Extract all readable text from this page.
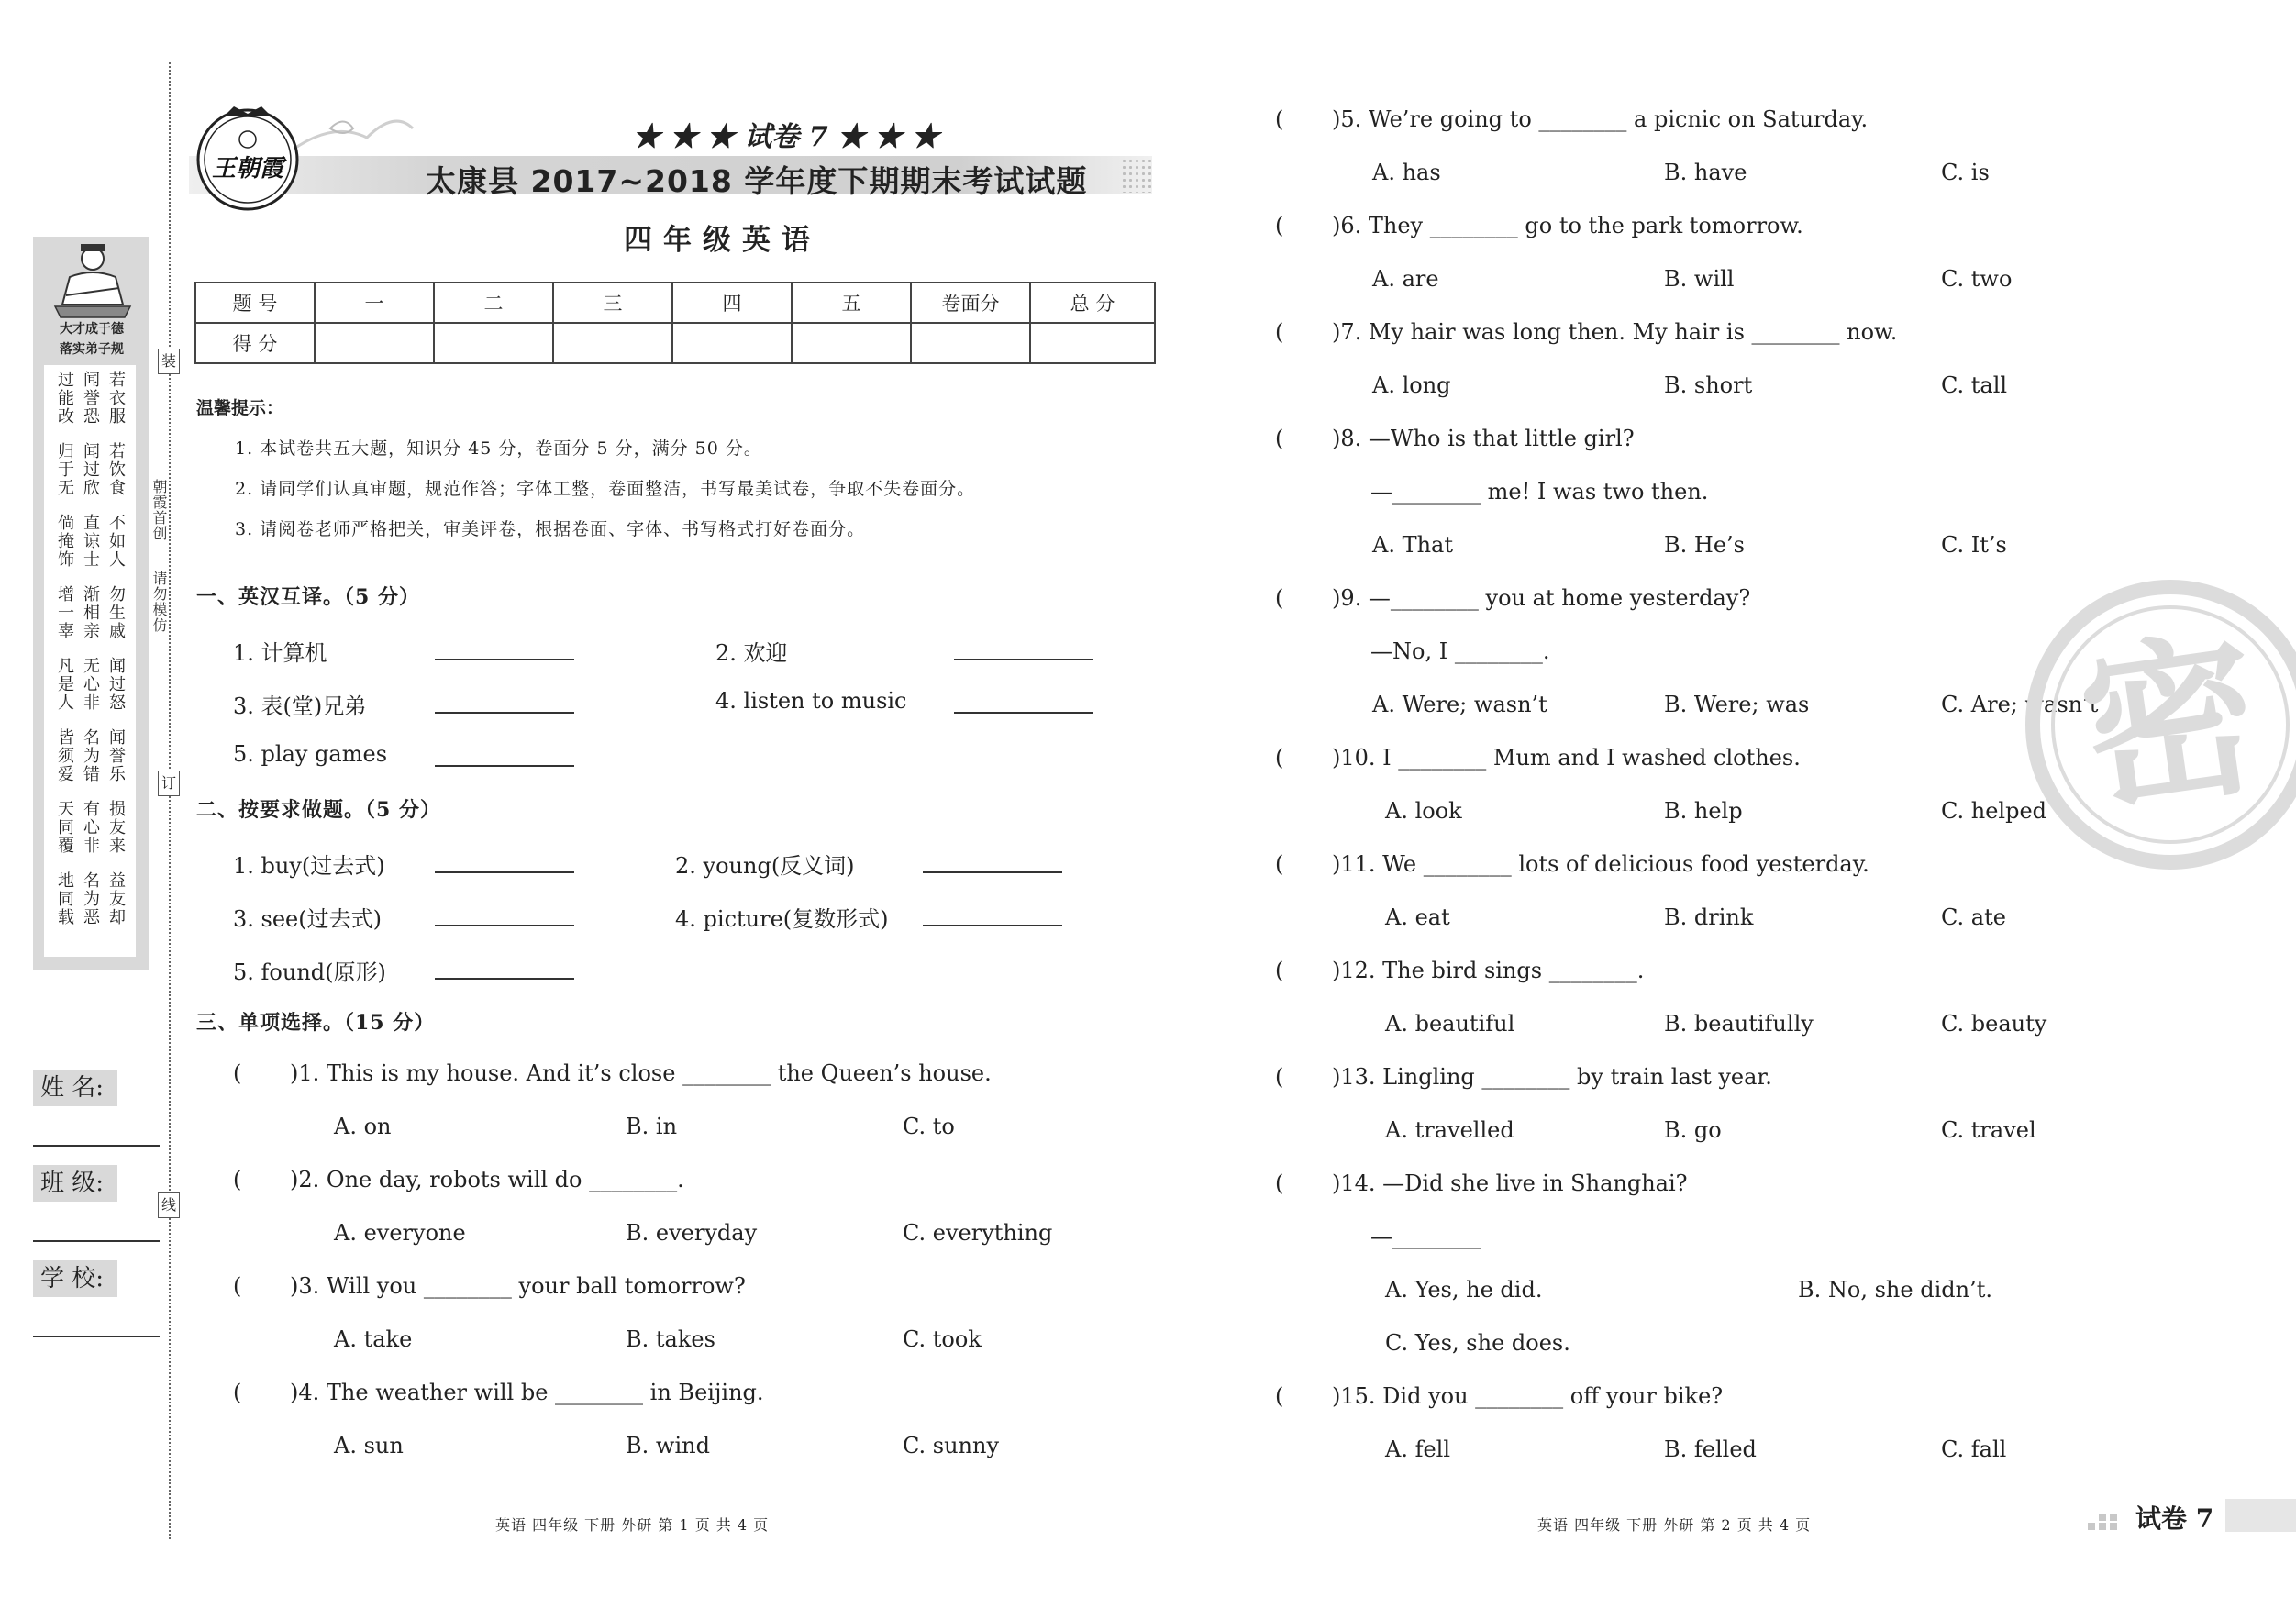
大才成于德
落实弟子规
过能改 闻誉恐 若衣服
归于无 闻过欣 若饮食
倘掩饰 直谅士 不如人
增一辜 渐相亲 勿生戚
凡是人 无心非 闻过怒
皆须爱 名为错 闻誉乐
天同覆 有心非 损友来
地同载 名为恶 益友却
姓 名:
班 级:
学 校:
装
订
线
朝霞首创
请勿模仿
王朝霞
★ ★ ★ 试卷 7 ★ ★ ★
太康县 2017~2018 学年度下期期末考试试题
四年级英语
题 号	一	二	三	四	五	卷面分	总 分
得 分							
温馨提示：
1. 本试卷共五大题，知识分 45 分，卷面分 5 分，满分 50 分。
2. 请同学们认真审题，规范作答；字体工整，卷面整洁，书写最美试卷，争取不失卷面分。
3. 请阅卷老师严格把关，审美评卷，根据卷面、字体、书写格式打好卷面分。
一、英汉互译。（5 分）
1. 计算机	2. 欢迎
3. 表(堂)兄弟	4. listen to music
5. play games
二、按要求做题。（5 分）
1. buy(过去式)	2. young(反义词)
3. see(过去式)	4. picture(复数形式)
5. found(原形)
三、单项选择。（15 分）
( )1. This is my house. And it’s close ________ the Queen’s house.
A. on	B. in	C. to
( )2. One day, robots will do ________.
A. everyone	B. everyday	C. everything
( )3. Will you ________ your ball tomorrow?
A. take	B. takes	C. took
( )4. The weather will be ________ in Beijing.
A. sun	B. wind	C. sunny
( )5. We’re going to ________ a picnic on Saturday.
A. has	B. have	C. is
( )6. They ________ go to the park tomorrow.
A. are	B. will	C. two
( )7. My hair was long then. My hair is ________ now.
A. long	B. short	C. tall
( )8. —Who is that little girl?
—________ me! I was two then.
A. That	B. He’s	C. It’s
( )9. —________ you at home yesterday?
—No, I ________.
A. Were; wasn’t	B. Were; was	C. Are; wasn’t
( )10. I ________ Mum and I washed clothes.
A. look	B. help	C. helped
( )11. We ________ lots of delicious food yesterday.
A. eat	B. drink	C. ate
( )12. The bird sings ________.
A. beautiful	B. beautifully	C. beauty
( )13. Lingling ________ by train last year.
A. travelled	B. go	C. travel
( )14. —Did she live in Shanghai?
—________
A. Yes, he did.	B. No, she didn’t.
C. Yes, she does.
( )15. Did you ________ off your bike?
A. fell	B. felled	C. fall
密
英语 四年级 下册 外研 第 1 页 共 4 页	英语 四年级 下册 外研 第 2 页 共 4 页	试卷 7
